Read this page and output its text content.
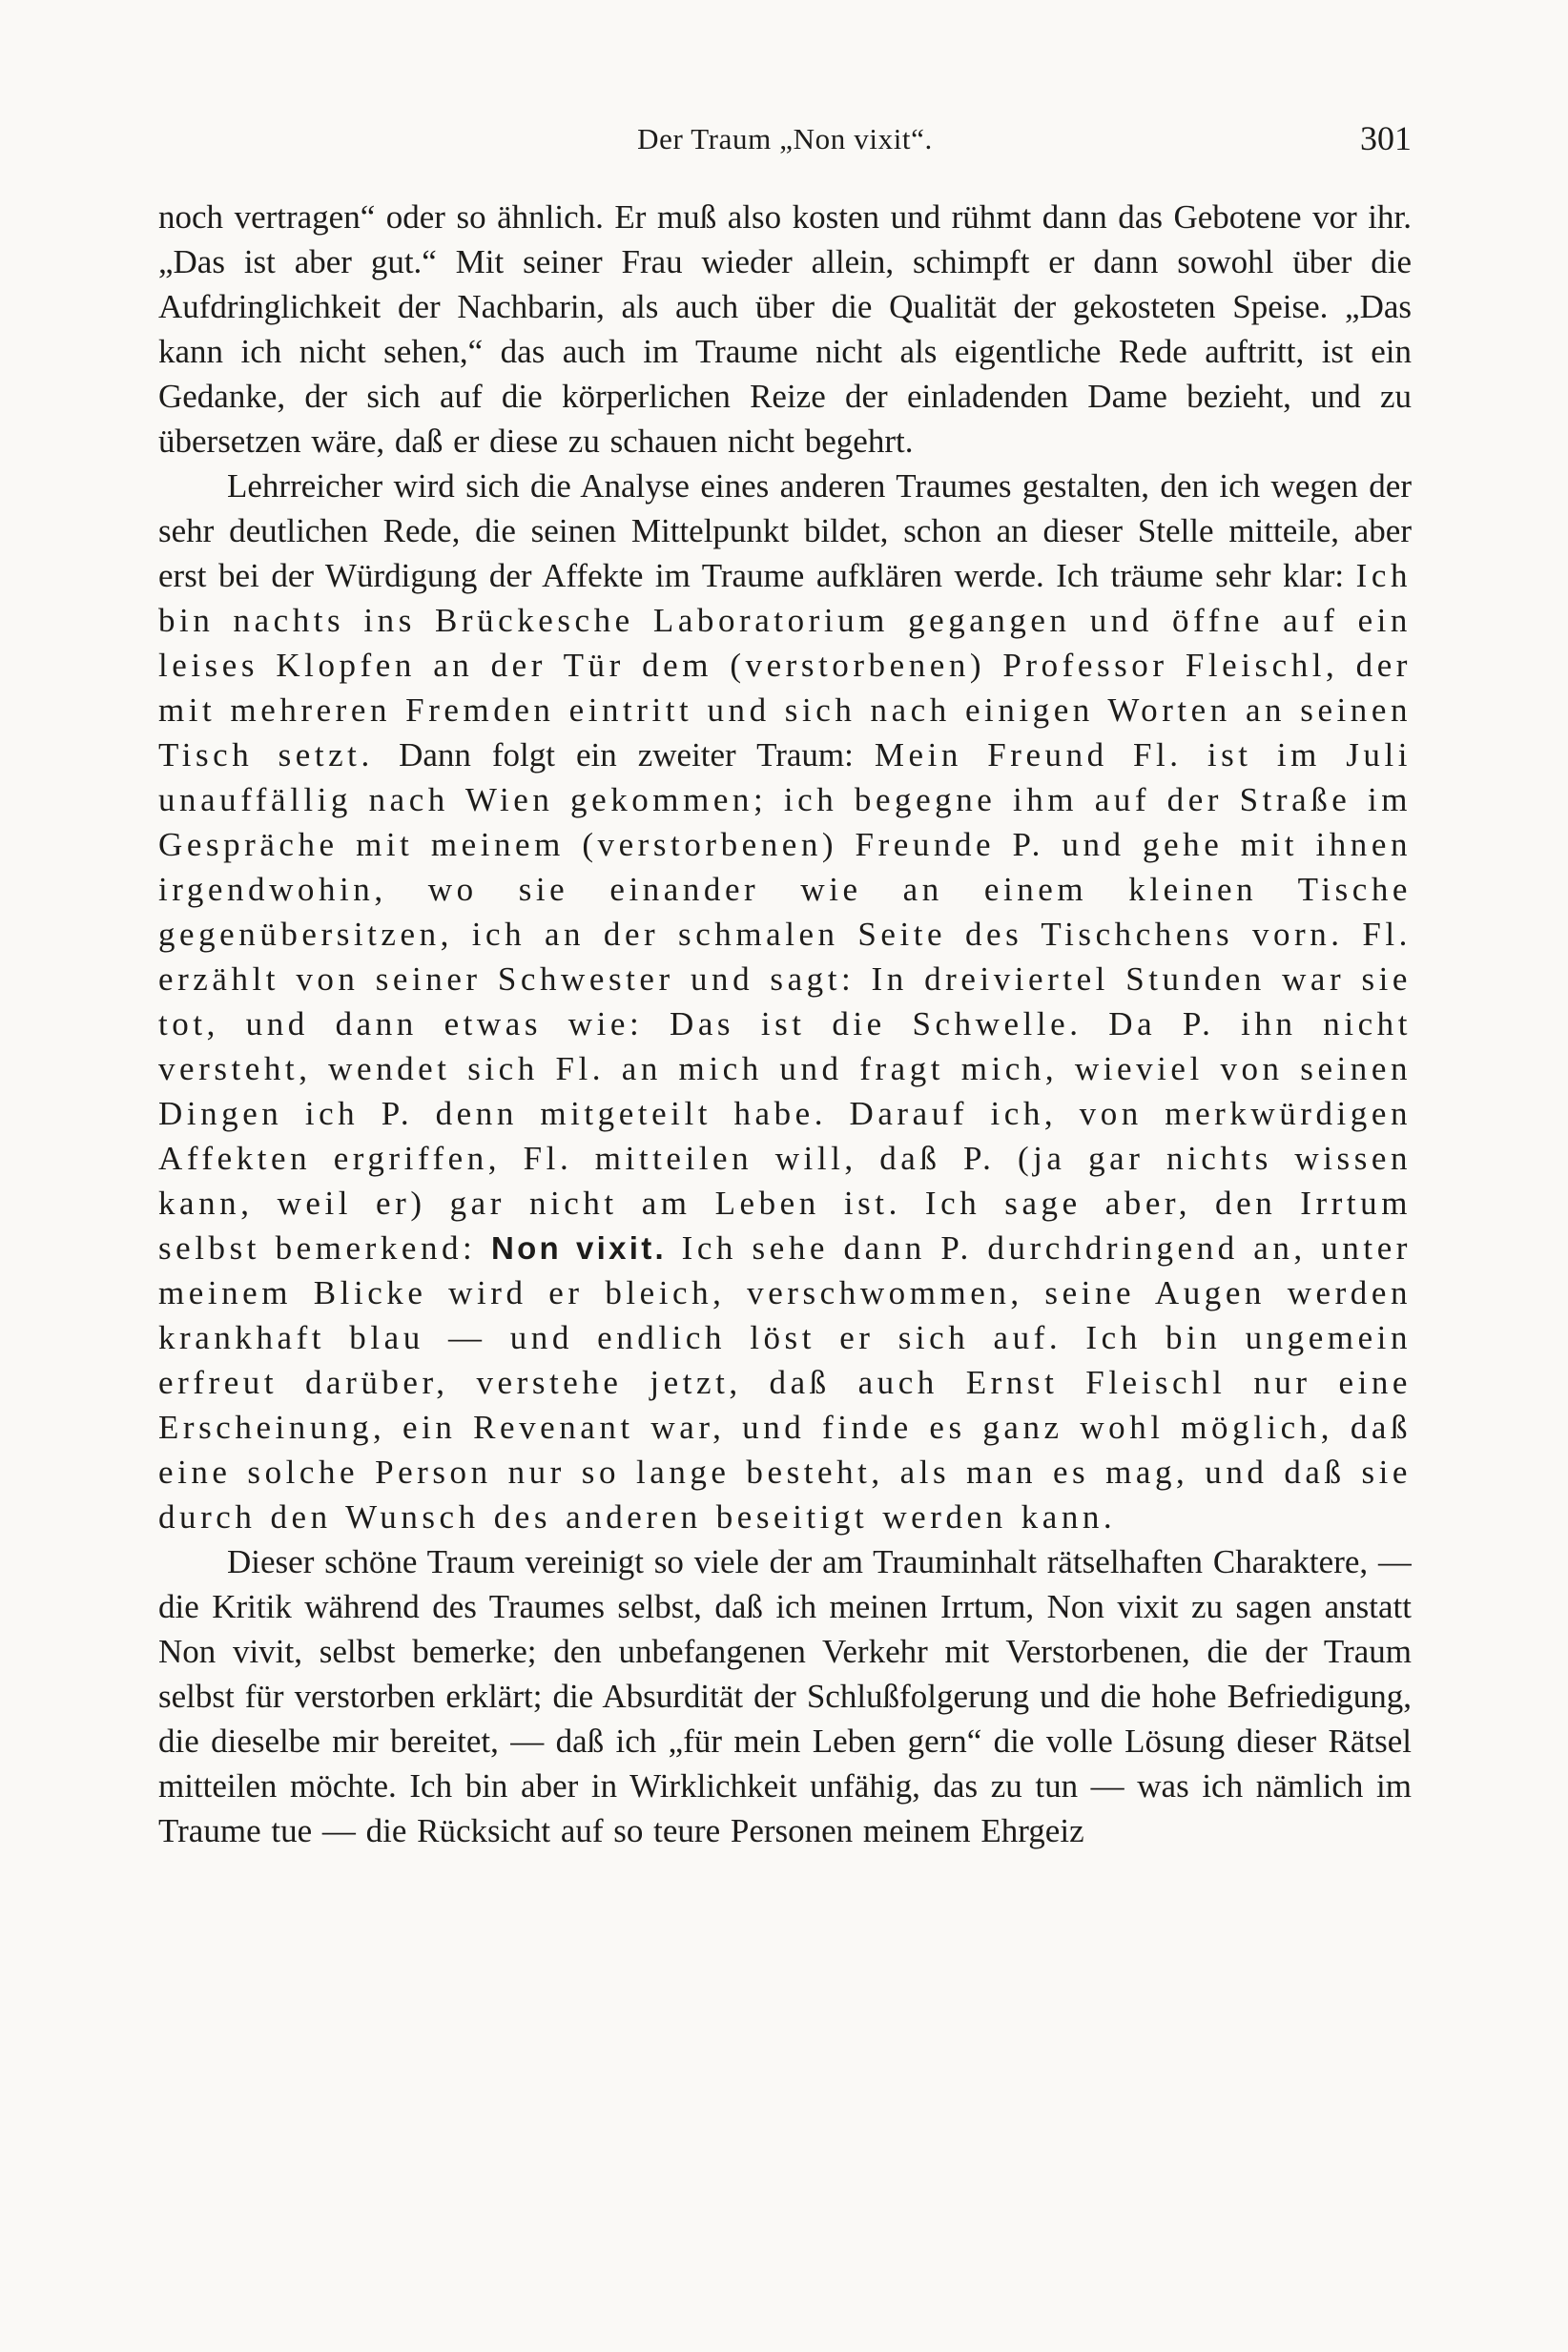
Der Traum „Non vixit“.	301

noch vertragen“ oder so ähnlich. Er muß also kosten und rühmt dann das Gebotene vor ihr. „Das ist aber gut.“ Mit seiner Frau wieder allein, schimpft er dann sowohl über die Aufdringlichkeit der Nachbarin, als auch über die Qualität der gekosteten Speise. „Das kann ich nicht sehen,“ das auch im Traume nicht als eigentliche Rede auftritt, ist ein Gedanke, der sich auf die körperlichen Reize der einladenden Dame bezieht, und zu übersetzen wäre, daß er diese zu schauen nicht begehrt.

Lehrreicher wird sich die Analyse eines anderen Traumes gestalten, den ich wegen der sehr deutlichen Rede, die seinen Mittelpunkt bildet, schon an dieser Stelle mitteile, aber erst bei der Würdigung der Affekte im Traume aufklären werde. Ich träume sehr klar: Ich bin nachts ins Brückesche Laboratorium gegangen und öffne auf ein leises Klopfen an der Tür dem (verstorbenen) Professor Fleischl, der mit mehreren Fremden eintritt und sich nach einigen Worten an seinen Tisch setzt. Dann folgt ein zweiter Traum: Mein Freund Fl. ist im Juli unauffällig nach Wien gekommen; ich begegne ihm auf der Straße im Gespräche mit meinem (verstorbenen) Freunde P. und gehe mit ihnen irgendwohin, wo sie einander wie an einem kleinen Tische gegenübersitzen, ich an der schmalen Seite des Tischchens vorn. Fl. erzählt von seiner Schwester und sagt: In dreiviertel Stunden war sie tot, und dann etwas wie: Das ist die Schwelle. Da P. ihn nicht versteht, wendet sich Fl. an mich und fragt mich, wieviel von seinen Dingen ich P. denn mitgeteilt habe. Darauf ich, von merkwürdigen Affekten ergriffen, Fl. mitteilen will, daß P. (ja gar nichts wissen kann, weil er) gar nicht am Leben ist. Ich sage aber, den Irrtum selbst bemerkend: Non vixit. Ich sehe dann P. durchdringend an, unter meinem Blicke wird er bleich, verschwommen, seine Augen werden krankhaft blau — und endlich löst er sich auf. Ich bin ungemein erfreut darüber, verstehe jetzt, daß auch Ernst Fleischl nur eine Erscheinung, ein Revenant war, und finde es ganz wohl möglich, daß eine solche Person nur so lange besteht, als man es mag, und daß sie durch den Wunsch des anderen beseitigt werden kann.

Dieser schöne Traum vereinigt so viele der am Trauminhalt rätselhaften Charaktere, — die Kritik während des Traumes selbst, daß ich meinen Irrtum, Non vixit zu sagen anstatt Non vivit, selbst bemerke; den unbefangenen Verkehr mit Verstorbenen, die der Traum selbst für verstorben erklärt; die Absurdität der Schlußfolgerung und die hohe Befriedigung, die dieselbe mir bereitet, — daß ich „für mein Leben gern“ die volle Lösung dieser Rätsel mitteilen möchte. Ich bin aber in Wirklichkeit unfähig, das zu tun — was ich nämlich im Traume tue — die Rücksicht auf so teure Personen meinem Ehrgeiz
